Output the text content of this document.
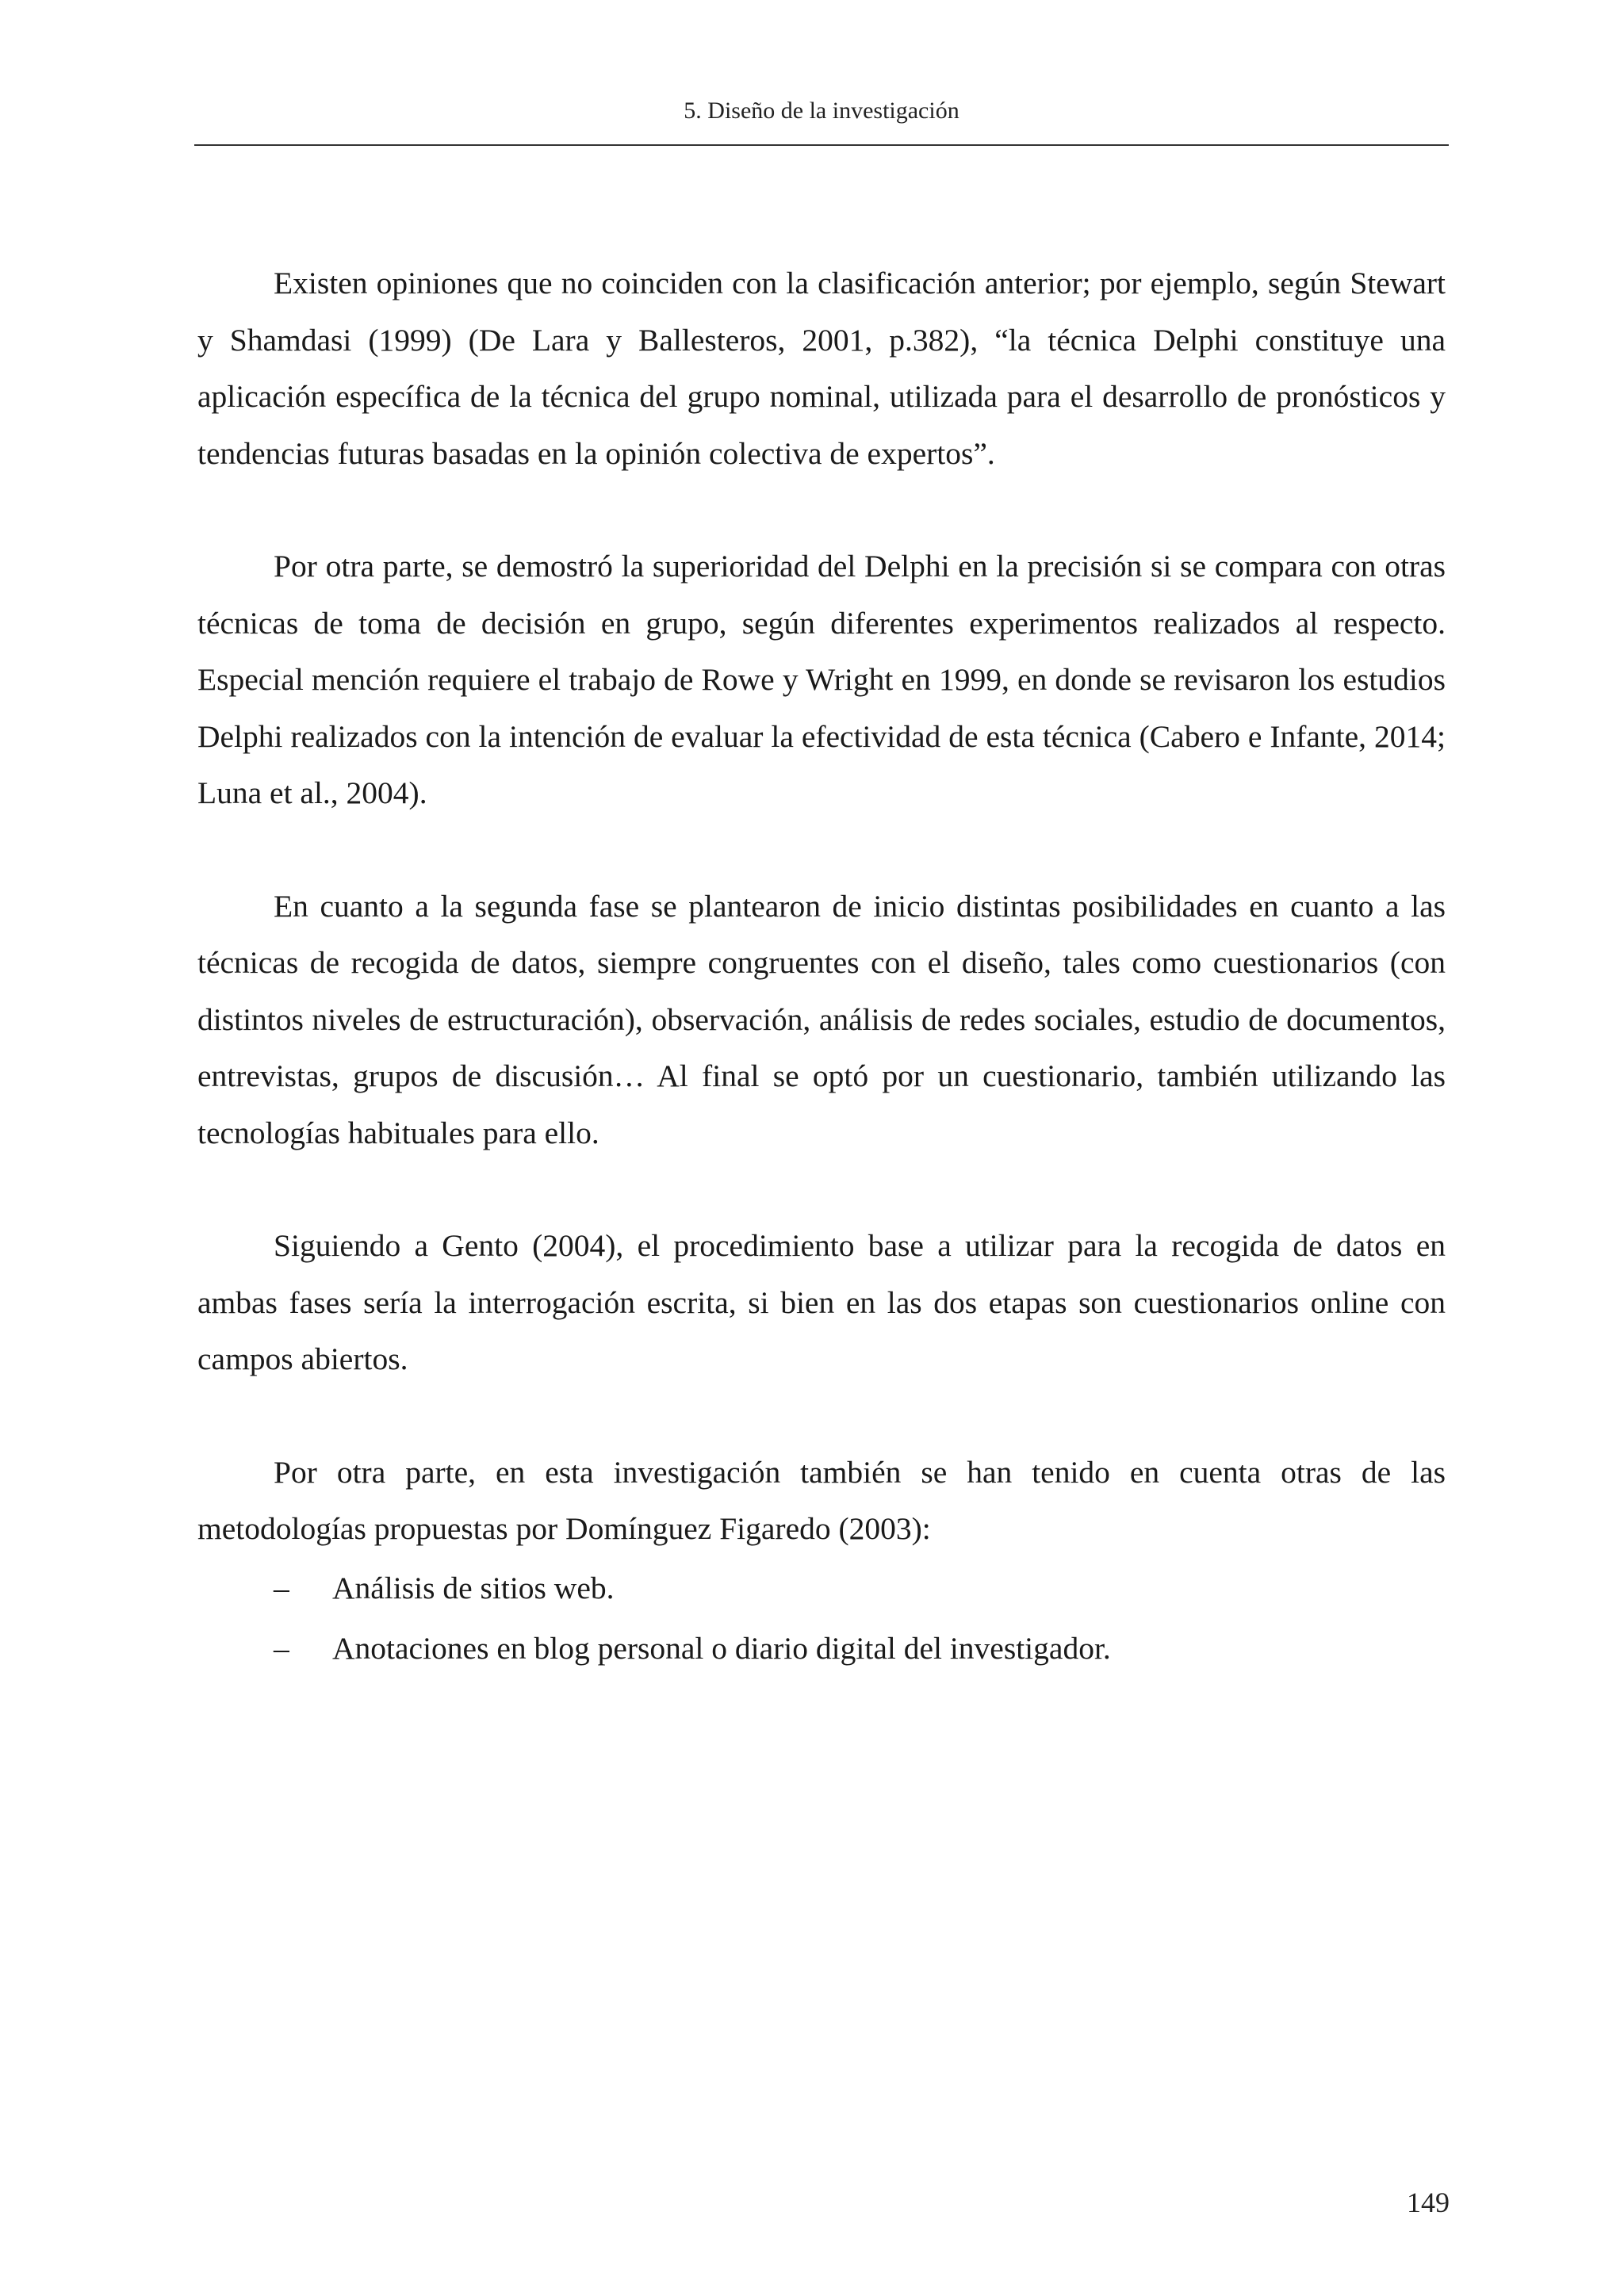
5. Diseño de la investigación

Existen opiniones que no coinciden con la clasificación anterior; por ejemplo, según Stewart y Shamdasi (1999) (De Lara y Ballesteros, 2001, p.382), “la técnica Delphi constituye una aplicación específica de la técnica del grupo nominal, utilizada para el desarrollo de pronósticos y tendencias futuras basadas en la opinión colectiva de expertos”.

Por otra parte, se demostró la superioridad del Delphi en la precisión si se compara con otras técnicas de toma de decisión en grupo, según diferentes experimentos realizados al respecto. Especial mención requiere el trabajo de Rowe y Wright en 1999, en donde se revisaron los estudios Delphi realizados con la intención de evaluar la efectividad de esta técnica (Cabero e Infante, 2014; Luna et al., 2004).

En cuanto a la segunda fase se plantearon de inicio distintas posibilidades en cuanto a las técnicas de recogida de datos, siempre congruentes con el diseño, tales como cuestionarios (con distintos niveles de estructuración), observación, análisis de redes sociales, estudio de documentos, entrevistas, grupos de discusión… Al final se optó por un cuestionario, también utilizando las tecnologías habituales para ello.

Siguiendo a Gento (2004), el procedimiento base a utilizar para la recogida de datos en ambas fases sería la interrogación escrita, si bien en las dos etapas son cuestionarios online con campos abiertos.

Por otra parte, en esta investigación también se han tenido en cuenta otras de las metodologías propuestas por Domínguez Figaredo (2003):

– Análisis de sitios web.
– Anotaciones en blog personal o diario digital del investigador.
149
